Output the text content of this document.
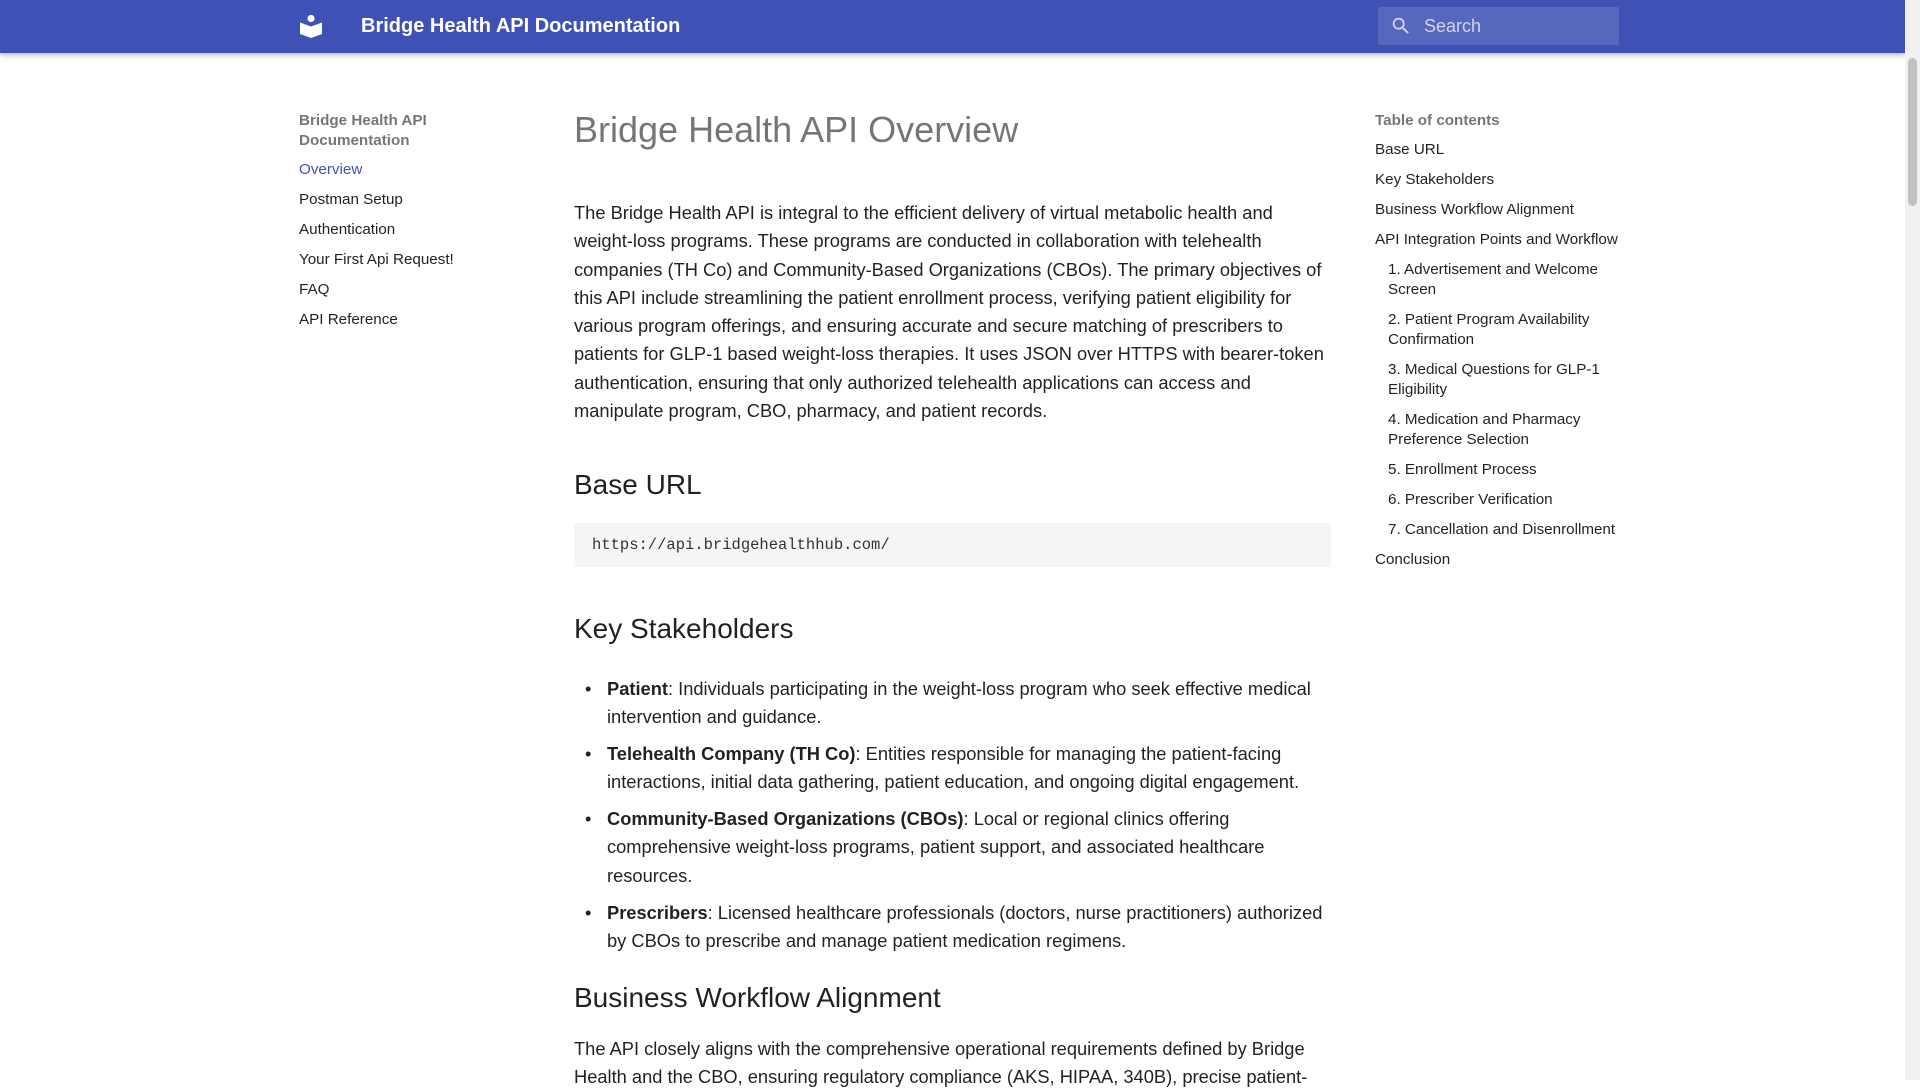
Bridge Health API Documentation
Search
Bridge Health API Documentation
Overview
Postman Setup
Authentication
Your First Api Request!
FAQ
API Reference
Bridge Health API Overview

The Bridge Health API is integral to the efficient delivery of virtual metabolic health and weight-loss programs. These programs are conducted in collaboration with telehealth companies (TH Co) and Community-Based Organizations (CBOs). The primary objectives of this API include streamlining the patient enrollment process, verifying patient eligibility for various program offerings, and ensuring accurate and secure matching of prescribers to patients for GLP-1 based weight-loss therapies. It uses JSON over HTTPS with bearer-token authentication, ensuring that only authorized telehealth applications can access and manipulate program, CBO, pharmacy, and patient records.

Base URL
https://api.bridgehealthhub.com/
Key Stakeholders
• Patient: Individuals participating in the weight-loss program who seek effective medical intervention and guidance.
• Telehealth Company (TH Co): Entities responsible for managing the patient-facing interactions, initial data gathering, patient education, and ongoing digital engagement.
• Community-Based Organizations (CBOs): Local or regional clinics offering comprehensive weight-loss programs, patient support, and associated healthcare resources.
• Prescribers: Licensed healthcare professionals (doctors, nurse practitioners) authorized by CBOs to prescribe and manage patient medication regimens.
Business Workflow Alignment

The API closely aligns with the comprehensive operational requirements defined by Bridge Health and the CBO, ensuring regulatory compliance (AKS, HIPAA, 340B), precise patient-

Table of contents
Base URL
Key Stakeholders
Business Workflow Alignment
API Integration Points and Workflow
1. Advertisement and Welcome Screen
2. Patient Program Availability Confirmation
3. Medical Questions for GLP-1 Eligibility
4. Medication and Pharmacy Preference Selection
5. Enrollment Process
6. Prescriber Verification
7. Cancellation and Disenrollment
Conclusion
